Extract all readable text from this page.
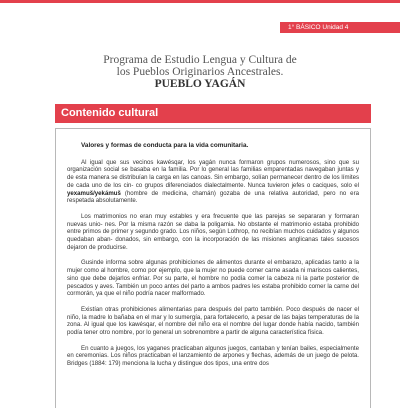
1° BÁSICO Unidad 4
Programa de Estudio Lengua y Cultura de
los Pueblos Originarios Ancestrales.
PUEBLO YAGÁN
Contenido cultural
Valores y formas de conducta para la vida comunitaria.

Al igual que sus vecinos kawésqar, los yagán nunca formaron grupos numerosos, sino que su organización social se basaba en la familia. Por lo general las familias emparentadas navegaban juntas y de esta manera se distribuían la carga en las canoas. Sin embargo, solían permanecer dentro de los límites de cada uno de los cin- co grupos diferenciados dialectalmente. Nunca tuvieron jefes o caciques, solo el yexamuš/yekámuš (hombre de medicina, chamán) gozaba de una relativa autoridad, pero no era respetada absolutamente.

Los matrimonios no eran muy estables y era frecuente que las parejas se separaran y formaran nuevas unio- nes. Por la misma razón se daba la poligamia. No obstante el matrimonio estaba prohibido entre primos de primer y segundo grado. Los niños, según Lothrop, no recibían muchos cuidados y algunos quedaban aban- donados, sin embargo, con la incorporación de las misiones anglicanas tales sucesos dejaron de producirse.

Gusinde informa sobre algunas prohibiciones de alimentos durante el embarazo, aplicadas tanto a la mujer como al hombre, como por ejemplo, que la mujer no puede comer carne asada ni mariscos calientes, sino que debe dejarlos enfriar. Por su parte, el hombre no podía comer la cabeza ni la parte posterior de pescados y aves. También un poco antes del parto a ambos padres les estaba prohibido comer la carne del cormorán, ya que el niño podría nacer malformado.

Existían otras prohibiciones alimentarias para después del parto también. Poco después de nacer el niño, la madre lo bañaba en el mar y lo sumergía, para fortalecerlo, a pesar de las bajas temperaturas de la zona. Al igual que los kawésqar, el nombre del niño era el nombre del lugar donde había nacido, también podía tener otro nombre, por lo general un sobrenombre a partir de alguna característica física.

En cuanto a juegos, los yaganes practicaban algunos juegos, cantaban y tenían bailes, especialmente en ceremonias. Los niños practicaban el lanzamiento de arpones y flechas, además de un juego de pelota. Bridges (1884: 179) menciona la lucha y distingue dos tipos, una entre dos
